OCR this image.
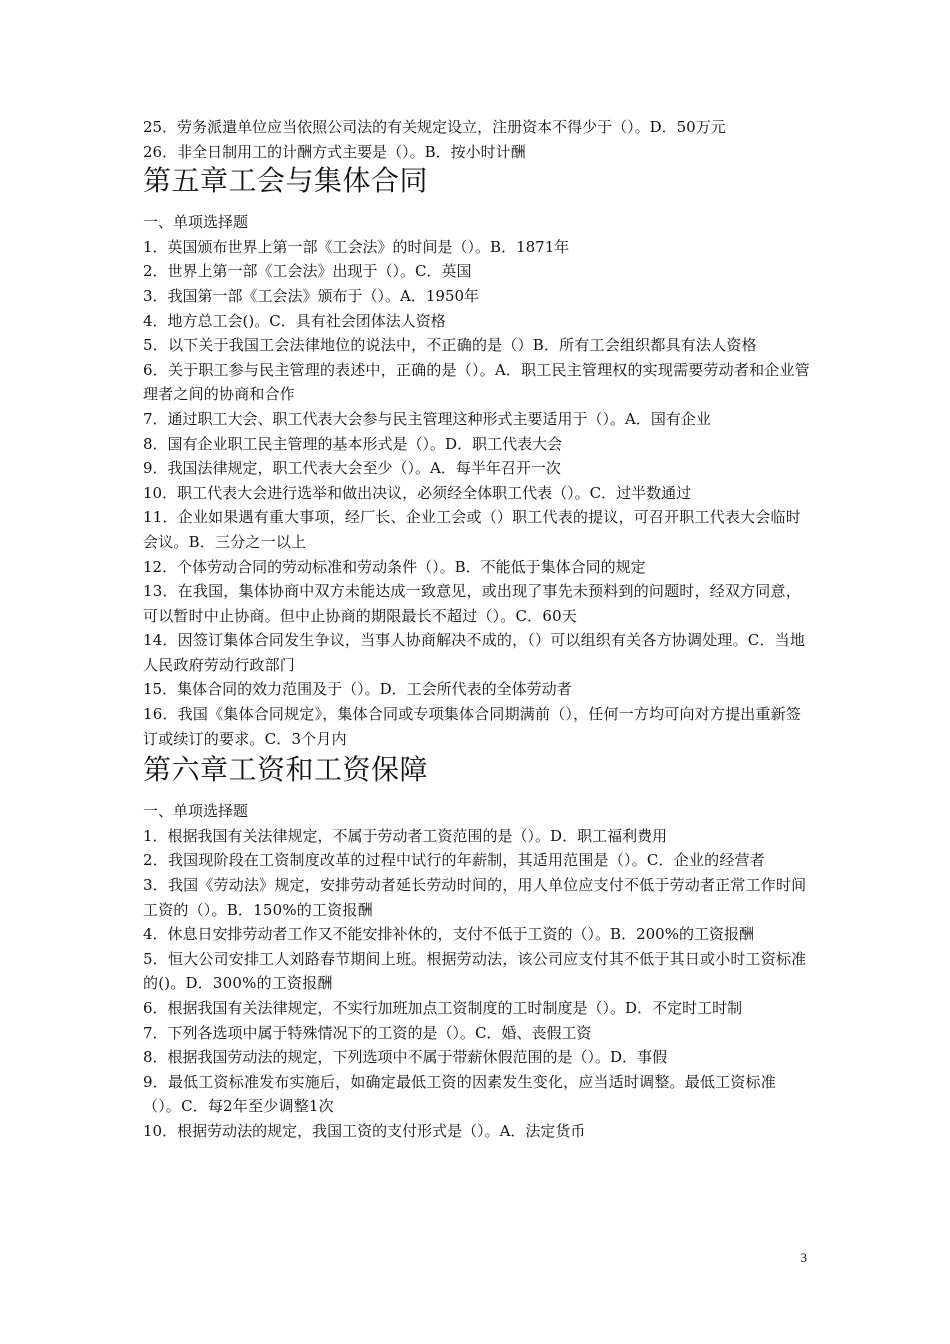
25．劳务派遣单位应当依照公司法的有关规定设立，注册资本不得少于（）。D．50万元
26．非全日制用工的计酬方式主要是（）。B．按小时计酬
第五章工会与集体合同
一、单项选择题
1．英国颁布世界上第一部《工会法》的时间是（）。B．1871年
2．世界上第一部《工会法》出现于（）。C．英国
3．我国第一部《工会法》颁布于（）。A．1950年
4．地方总工会()。C．具有社会团体法人资格
5．以下关于我国工会法律地位的说法中，不正确的是（）B．所有工会组织都具有法人资格
6．关于职工参与民主管理的表述中，正确的是（）。A．职工民主管理权的实现需要劳动者和企业管理者之间的协商和合作
7．通过职工大会、职工代表大会参与民主管理这种形式主要适用于（）。A．国有企业
8．国有企业职工民主管理的基本形式是（）。D．职工代表大会
9．我国法律规定，职工代表大会至少（）。A．每半年召开一次
10．职工代表大会进行选举和做出决议，必须经全体职工代表（）。C．过半数通过
11．企业如果遇有重大事项，经厂长、企业工会或（）职工代表的提议，可召开职工代表大会临时会议。B．三分之一以上
12．个体劳动合同的劳动标准和劳动条件（）。B．不能低于集体合同的规定
13．在我国，集体协商中双方未能达成一致意见，或出现了事先未预料到的问题时，经双方同意，可以暂时中止协商。但中止协商的期限最长不超过（）。C．60天
14．因签订集体合同发生争议，当事人协商解决不成的，（）可以组织有关各方协调处理。C．当地人民政府劳动行政部门
15．集体合同的效力范围及于（）。D．工会所代表的全体劳动者
16．我国《集体合同规定》，集体合同或专项集体合同期满前（），任何一方均可向对方提出重新签订或续订的要求。C．3个月内
第六章工资和工资保障
一、单项选择题
1．根据我国有关法律规定，不属于劳动者工资范围的是（）。D．职工福利费用
2．我国现阶段在工资制度改革的过程中试行的年薪制，其适用范围是（）。C．企业的经营者
3．我国《劳动法》规定，安排劳动者延长劳动时间的，用人单位应支付不低于劳动者正常工作时间工资的（）。B．150%的工资报酬
4．休息日安排劳动者工作又不能安排补休的，支付不低于工资的（）。B．200%的工资报酬
5．恒大公司安排工人刘路春节期间上班。根据劳动法，该公司应支付其不低于其日或小时工资标准的()。D．300%的工资报酬
6．根据我国有关法律规定，不实行加班加点工资制度的工时制度是（）。D．不定时工时制
7．下列各选项中属于特殊情况下的工资的是（）。C．婚、丧假工资
8．根据我国劳动法的规定，下列选项中不属于带薪休假范围的是（）。D．事假
9．最低工资标准发布实施后，如确定最低工资的因素发生变化，应当适时调整。最低工资标准（）。C．每2年至少调整1次
10．根据劳动法的规定，我国工资的支付形式是（）。A．法定货币
3
